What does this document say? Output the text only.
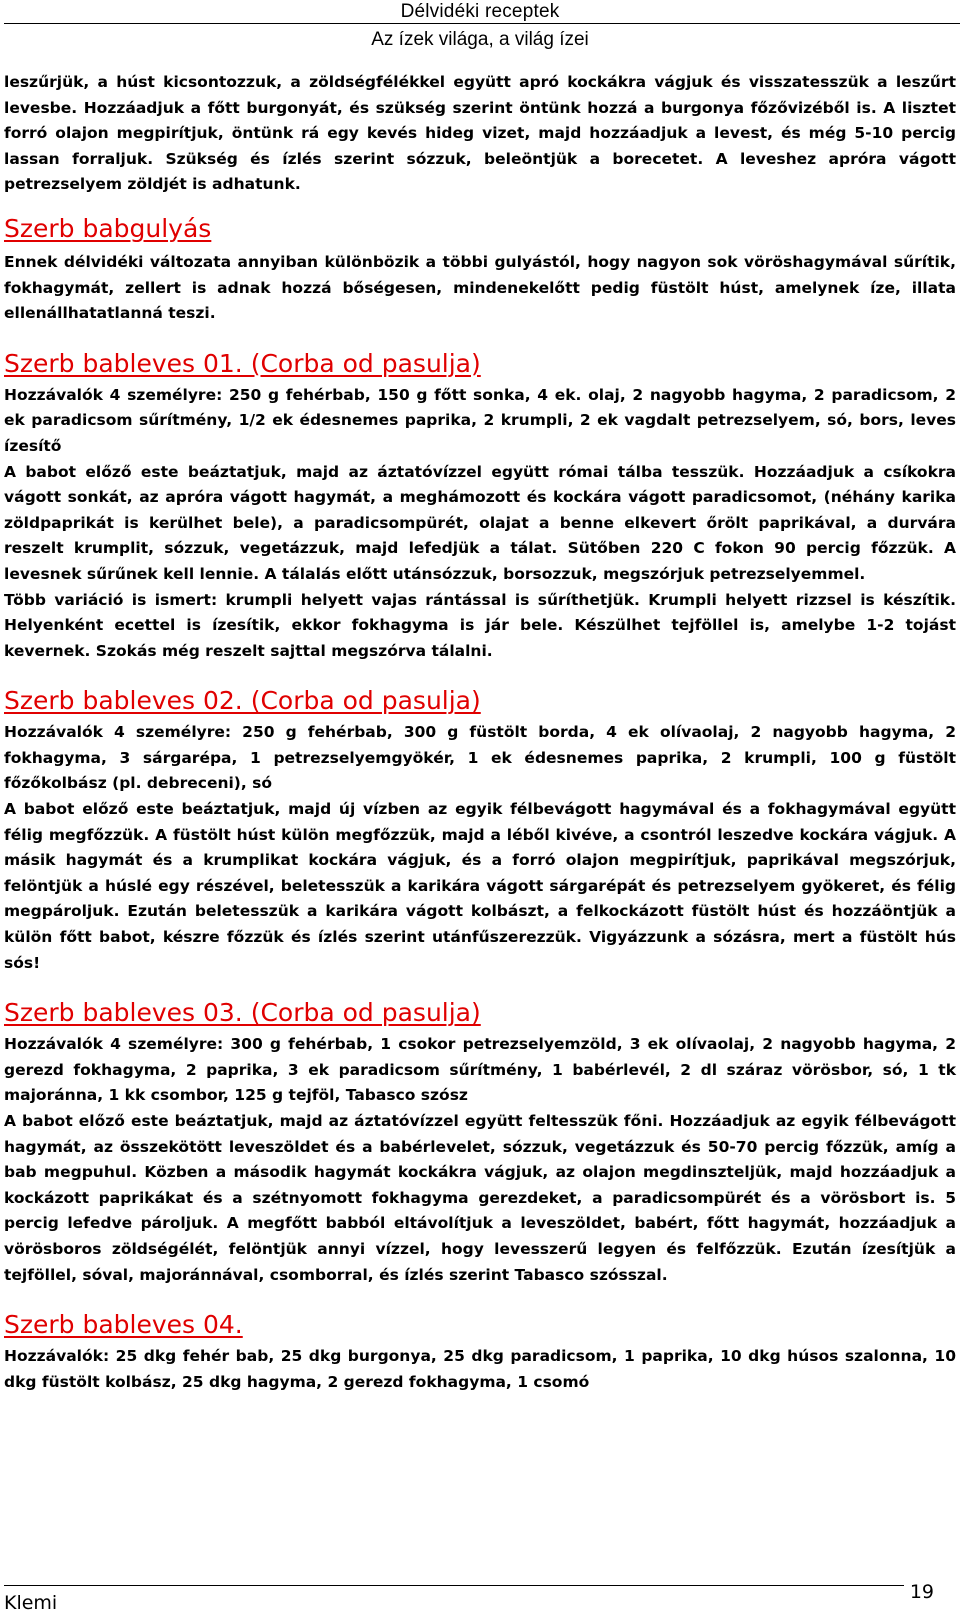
Délvidéki receptek
Az ízek világa, a világ ízei

leszűrjük, a húst kicsontozzuk, a zöldségfélékkel együtt apró kockákra vágjuk és visszatesszük a leszűrt levesbe. Hozzáadjuk a főtt burgonyát, és szükség szerint öntünk hozzá a burgonya főzővizéből is. A lisztet forró olajon megpirítjuk, öntünk rá egy kevés hideg vizet, majd hozzáadjuk a levest, és még 5-10 percig lassan forraljuk. Szükség és ízlés szerint sózzuk, beleöntjük a borecetet. A leveshez apróra vágott petrezselyem zöldjét is adhatunk.

Szerb babgulyás

Ennek délvidéki változata annyiban különbözik a többi gulyástól, hogy nagyon sok vöröshagymával sűrítik, fokhagymát, zellert is adnak hozzá bőségesen, mindenekelőtt pedig füstölt húst, amelynek íze, illata ellenállhatatlanná teszi.

Szerb bableves 01. (Corba od pasulja)

Hozzávalók 4 személyre: 250 g fehérbab, 150 g főtt sonka, 4 ek. olaj, 2 nagyobb hagyma, 2 paradicsom, 2 ek paradicsom sűrítmény, 1/2 ek édesnemes paprika, 2 krumpli, 2 ek vagdalt petrezselyem, só, bors, leves ízesítő

A babot előző este beáztatjuk, majd az áztatóvízzel együtt római tálba tesszük. Hozzáadjuk a csíkokra vágott sonkát, az apróra vágott hagymát, a meghámozott és kockára vágott paradicsomot, (néhány karika zöldpaprikát is kerülhet bele), a paradicsompürét, olajat a benne elkevert őrölt paprikával, a durvára reszelt krumplit, sózzuk, vegetázzuk, majd lefedjük a tálat. Sütőben 220 C fokon 90 percig főzzük. A levesnek sűrűnek kell lennie. A tálalás előtt utánsózzuk, borsozzuk, megszórjuk petrezselyemmel.

Több variáció is ismert: krumpli helyett vajas rántással is sűríthetjük. Krumpli helyett rizzsel is készítik. Helyenként ecettel is ízesítik, ekkor fokhagyma is jár bele. Készülhet tejföllel is, amelybe 1-2 tojást kevernek. Szokás még reszelt sajttal megszórva tálalni.

Szerb bableves 02. (Corba od pasulja)

Hozzávalók 4 személyre: 250 g fehérbab, 300 g füstölt borda, 4 ek olívaolaj, 2 nagyobb hagyma, 2 fokhagyma, 3 sárgarépa, 1 petrezselyemgyökér, 1 ek édesnemes paprika, 2 krumpli, 100 g füstölt főzőkolbász (pl. debreceni), só

A babot előző este beáztatjuk, majd új vízben az egyik félbevágott hagymával és a fokhagymával együtt félig megfőzzük. A füstölt húst külön megfőzzük, majd a léből kivéve, a csontról leszedve kockára vágjuk. A másik hagymát és a krumplikat kockára vágjuk, és a forró olajon megpirítjuk, paprikával megszórjuk, felöntjük a húslé egy részével, beletesszük a karikára vágott sárgarépát és petrezselyem gyökeret, és félig megpároljuk. Ezután beletesszük a karikára vágott kolbászt, a felkockázott füstölt húst és hozzáöntjük a külön főtt babot, készre főzzük és ízlés szerint utánfűszerezzük. Vigyázzunk a sózásra, mert a füstölt hús sós!

Szerb bableves 03. (Corba od pasulja)

Hozzávalók 4 személyre: 300 g fehérbab, 1 csokor petrezselyemzöld, 3 ek olívaolaj, 2 nagyobb hagyma, 2 gerezd fokhagyma, 2 paprika, 3 ek paradicsom sűrítmény, 1 babérlevél, 2 dl száraz vörösbor, só, 1 tk majoránna, 1 kk csombor, 125 g tejföl, Tabasco szósz

A babot előző este beáztatjuk, majd az áztatóvízzel együtt feltesszük főni. Hozzáadjuk az egyik félbevágott hagymát, az összekötött leveszöldet és a babérlevelet, sózzuk, vegetázzuk és 50-70 percig főzzük, amíg a bab megpuhul. Közben a második hagymát kockákra vágjuk, az olajon megdinszteljük, majd hozzáadjuk a kockázott paprikákat és a szétnyomott fokhagyma gerezdeket, a paradicsompürét és a vörösbort is. 5 percig lefedve pároljuk. A megfőtt babból eltávolítjuk a leveszöldet, babért, főtt hagymát, hozzáadjuk a vörösboros zöldségélét, felöntjük annyi vízzel, hogy levesszerű legyen és felfőzzük. Ezután ízesítjük a tejföllel, sóval, majoránnával, csomborral, és ízlés szerint Tabasco szósszal.

Szerb bableves 04.

Hozzávalók: 25 dkg fehér bab, 25 dkg burgonya, 25 dkg paradicsom, 1 paprika, 10 dkg húsos szalonna, 10 dkg füstölt kolbász, 25 dkg hagyma, 2 gerezd fokhagyma, 1 csomó

Klemi	19
